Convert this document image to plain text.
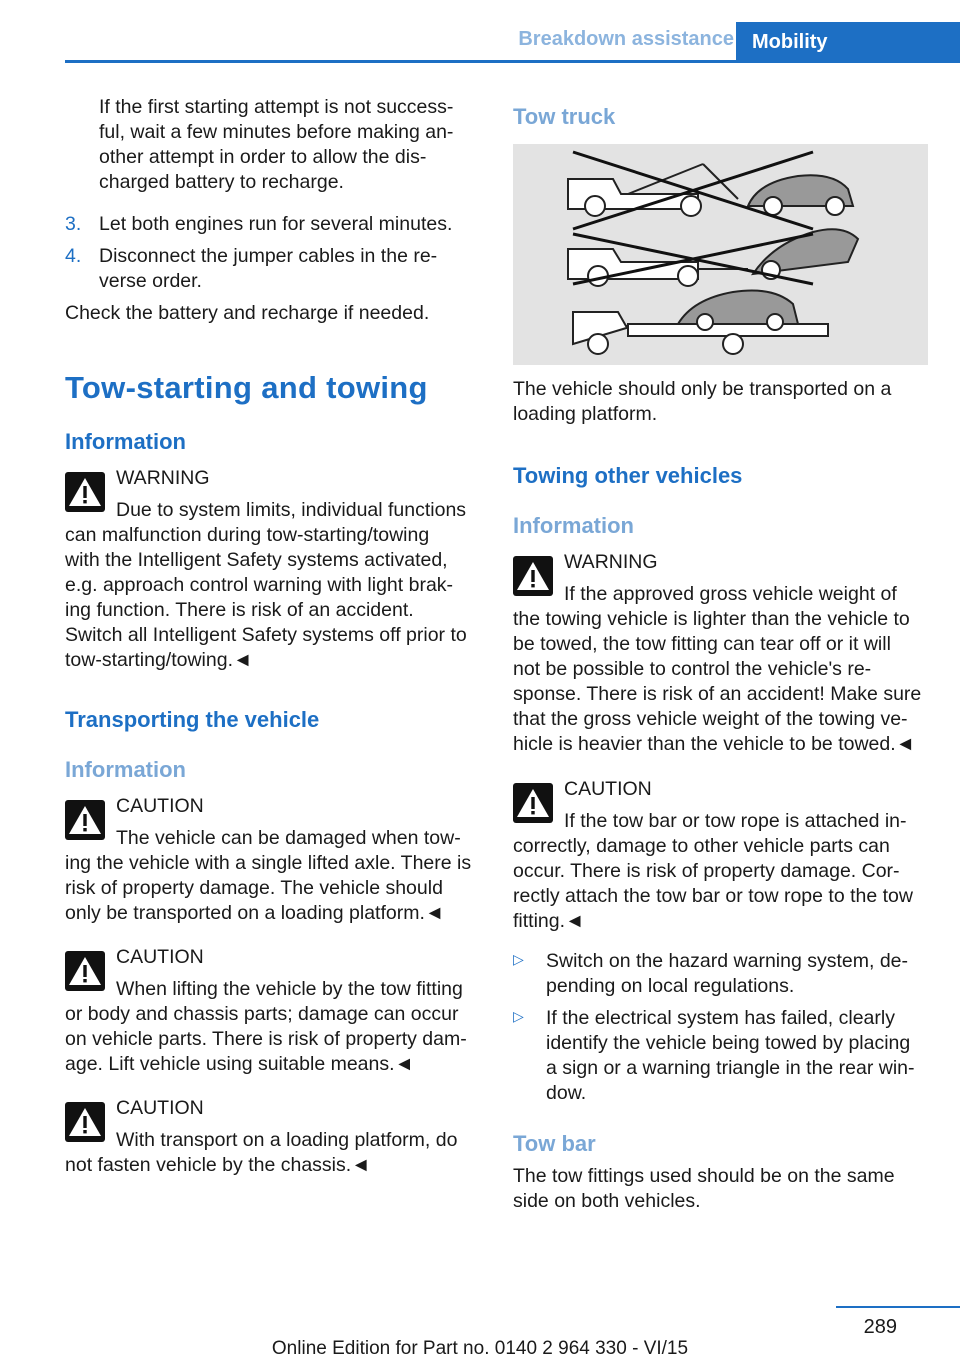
Breakdown assistance Mobility

If the first starting attempt is not success-

ful, wait a few minutes before making an-

other attempt in order to allow the dis-

charged battery to recharge.

3. Let both engines run for several minutes.

4. Disconnect the jumper cables in the re-

verse order.

Check the battery and recharge if needed.

Tow-starting and towing
Information

WARNING

Due to system limits, individual functions

can malfunction during tow-starting/towing

with the Intelligent Safety systems activated,

e.g. approach control warning with light brak-

ing function. There is risk of an accident.

Switch all Intelligent Safety systems off prior to

tow-starting/towing.◄

Transporting the vehicle
Information

CAUTION

The vehicle can be damaged when tow-

ing the vehicle with a single lifted axle. There is

risk of property damage. The vehicle should

only be transported on a loading platform.◄

CAUTION

When lifting the vehicle by the tow fitting

or body and chassis parts; damage can occur

on vehicle parts. There is risk of property dam-

age. Lift vehicle using suitable means.◄

CAUTION

With transport on a loading platform, do

not fasten vehicle by the chassis.◄

Tow truck

The vehicle should only be transported on a

loading platform.

Towing other vehicles
Information

WARNING

If the approved gross vehicle weight of

the towing vehicle is lighter than the vehicle to

be towed, the tow fitting can tear off or it will

not be possible to control the vehicle's re-

sponse. There is risk of an accident! Make sure

that the gross vehicle weight of the towing ve-

hicle is heavier than the vehicle to be towed.◄

CAUTION

If the tow bar or tow rope is attached in-

correctly, damage to other vehicle parts can

occur. There is risk of property damage. Cor-

rectly attach the tow bar or tow rope to the tow

fitting.◄

▷	Switch on the hazard warning system, de-

pending on local regulations.

▷	If the electrical system has failed, clearly

identify the vehicle being towed by placing

a sign or a warning triangle in the rear win-

dow.

Tow bar

The tow fittings used should be on the same

side on both vehicles.

289
Online Edition for Part no. 0140 2 964 330 - VI/15
